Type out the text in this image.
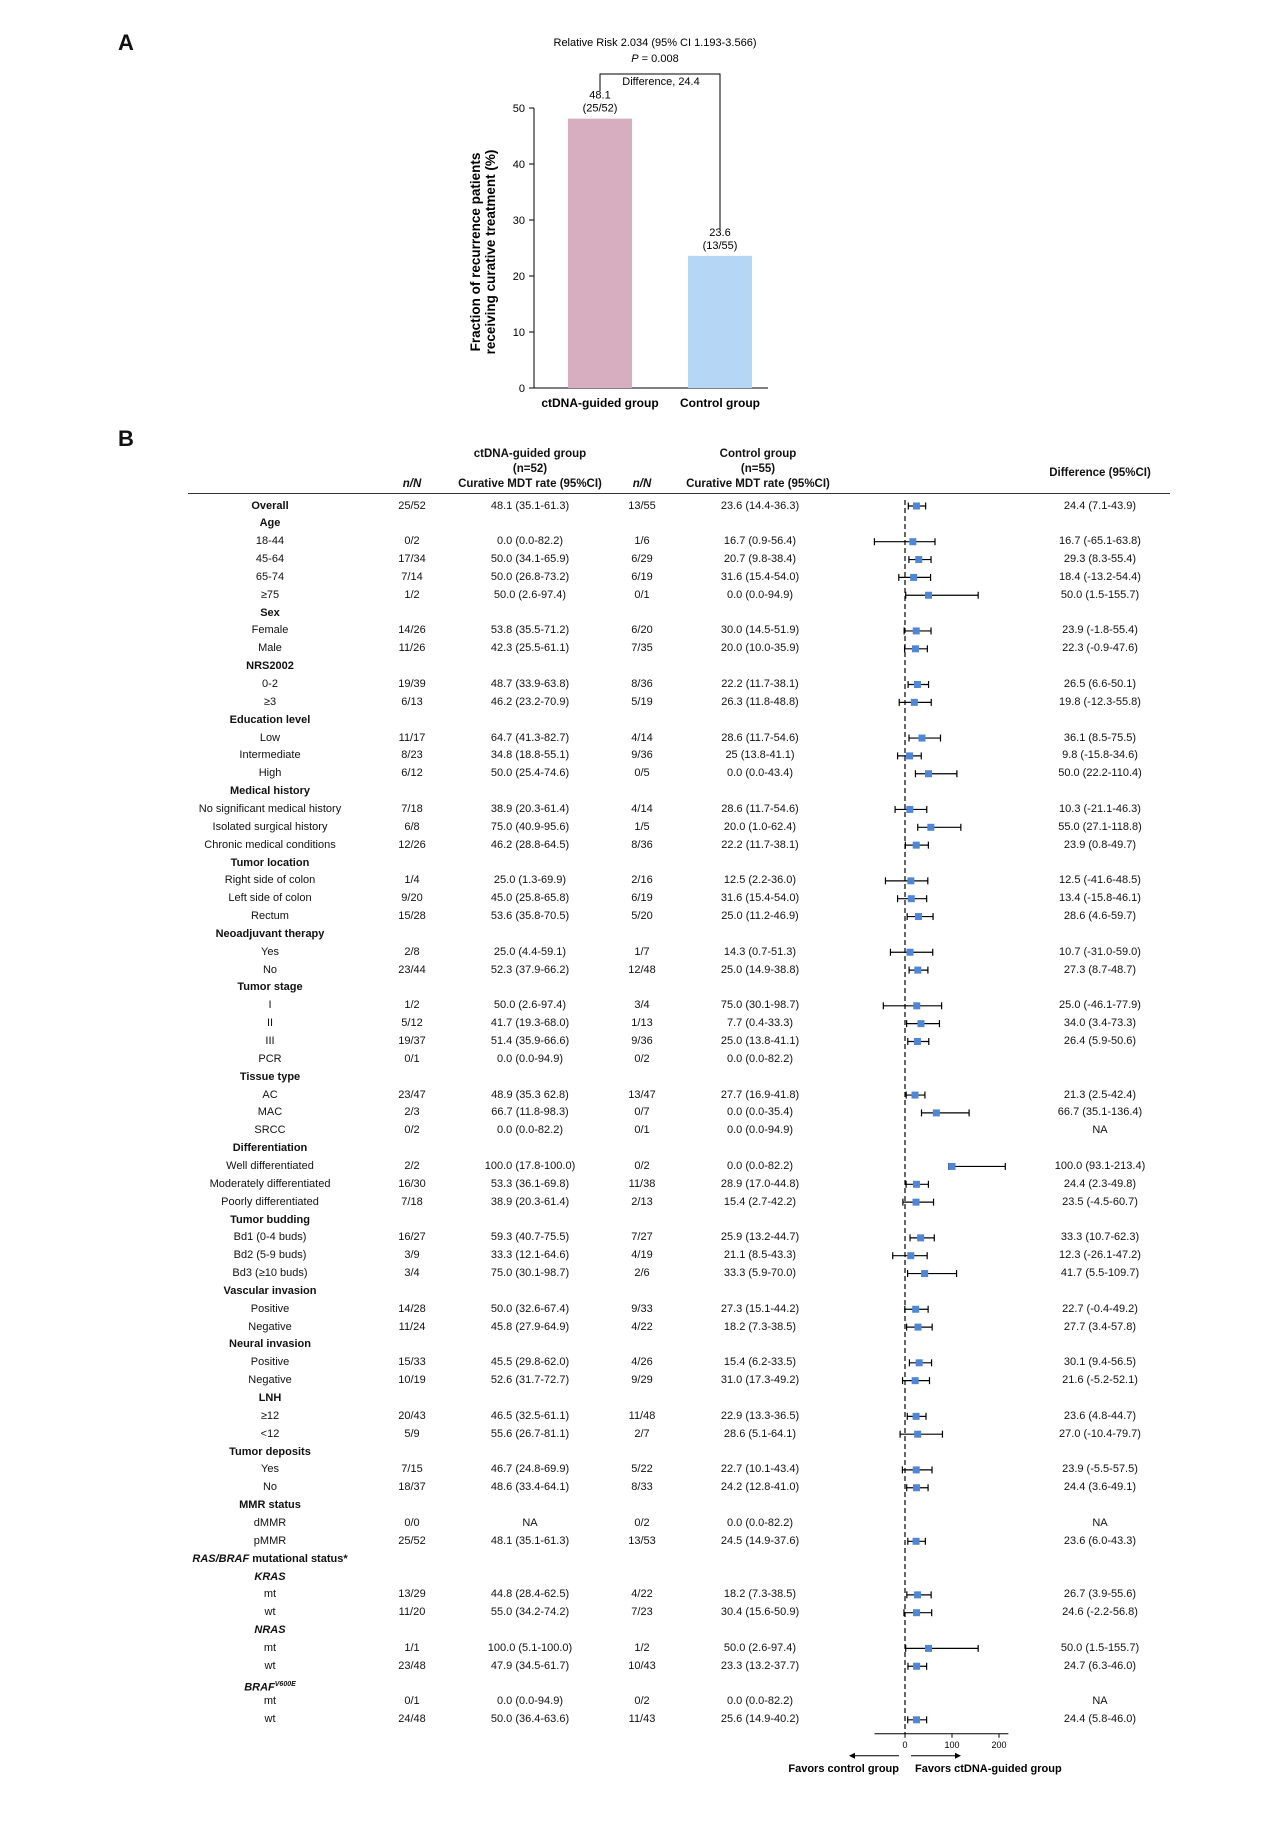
A
B
0
10
20
30
40
50
Fraction of recurrence patients receiving curative treatment (%)
48.1
(25/52)
ctDNA-guided group
23.6
(13/55)
Control group
Relative Risk 2.034 (95% CI 1.193-3.566)
P = 0.008
Difference, 24.4
ctDNA-guided group
(n=52)
Curative MDT rate (95%CI)
Control group
(n=55)
Curative MDT rate (95%CI)
n/N	n/N
Difference (95%CI)
Overall	25/52	48.1 (35.1-61.3)	13/55	23.6 (14.4-36.3)	24.4 (7.1-43.9)
Age
18-44	0/2	0.0 (0.0-82.2)	1/6	16.7 (0.9-56.4)	16.7 (-65.1-63.8)
45-64	17/34	50.0 (34.1-65.9)	6/29	20.7 (9.8-38.4)	29.3 (8.3-55.4)
65-74	7/14	50.0 (26.8-73.2)	6/19	31.6 (15.4-54.0)	18.4 (-13.2-54.4)
≥75	1/2	50.0 (2.6-97.4)	0/1	0.0 (0.0-94.9)	50.0 (1.5-155.7)
Sex
Female	14/26	53.8 (35.5-71.2)	6/20	30.0 (14.5-51.9)	23.9 (-1.8-55.4)
Male	11/26	42.3 (25.5-61.1)	7/35	20.0 (10.0-35.9)	22.3 (-0.9-47.6)
NRS2002
0-2	19/39	48.7 (33.9-63.8)	8/36	22.2 (11.7-38.1)	26.5 (6.6-50.1)
≥3	6/13	46.2 (23.2-70.9)	5/19	26.3 (11.8-48.8)	19.8 (-12.3-55.8)
Education level
Low	11/17	64.7 (41.3-82.7)	4/14	28.6 (11.7-54.6)	36.1 (8.5-75.5)
Intermediate	8/23	34.8 (18.8-55.1)	9/36	25 (13.8-41.1)	9.8 (-15.8-34.6)
High	6/12	50.0 (25.4-74.6)	0/5	0.0 (0.0-43.4)	50.0 (22.2-110.4)
Medical history
No significant medical history	7/18	38.9 (20.3-61.4)	4/14	28.6 (11.7-54.6)	10.3 (-21.1-46.3)
Isolated surgical history	6/8	75.0 (40.9-95.6)	1/5	20.0 (1.0-62.4)	55.0 (27.1-118.8)
Chronic medical conditions	12/26	46.2 (28.8-64.5)	8/36	22.2 (11.7-38.1)	23.9 (0.8-49.7)
Tumor location
Right side of colon	1/4	25.0 (1.3-69.9)	2/16	12.5 (2.2-36.0)	12.5 (-41.6-48.5)
Left side of colon	9/20	45.0 (25.8-65.8)	6/19	31.6 (15.4-54.0)	13.4 (-15.8-46.1)
Rectum	15/28	53.6 (35.8-70.5)	5/20	25.0 (11.2-46.9)	28.6 (4.6-59.7)
Neoadjuvant therapy
Yes	2/8	25.0 (4.4-59.1)	1/7	14.3 (0.7-51.3)	10.7 (-31.0-59.0)
No	23/44	52.3 (37.9-66.2)	12/48	25.0 (14.9-38.8)	27.3 (8.7-48.7)
Tumor stage
I	1/2	50.0 (2.6-97.4)	3/4	75.0 (30.1-98.7)	25.0 (-46.1-77.9)
II	5/12	41.7 (19.3-68.0)	1/13	7.7 (0.4-33.3)	34.0 (3.4-73.3)
III	19/37	51.4 (35.9-66.6)	9/36	25.0 (13.8-41.1)	26.4 (5.9-50.6)
PCR	0/1	0.0 (0.0-94.9)	0/2	0.0 (0.0-82.2)
Tissue type
AC	23/47	48.9 (35.3 62.8)	13/47	27.7 (16.9-41.8)	21.3 (2.5-42.4)
MAC	2/3	66.7 (11.8-98.3)	0/7	0.0 (0.0-35.4)	66.7 (35.1-136.4)
SRCC	0/2	0.0 (0.0-82.2)	0/1	0.0 (0.0-94.9)	NA
Differentiation
Well differentiated	2/2	100.0 (17.8-100.0)	0/2	0.0 (0.0-82.2)	100.0 (93.1-213.4)
Moderately differentiated	16/30	53.3 (36.1-69.8)	11/38	28.9 (17.0-44.8)	24.4 (2.3-49.8)
Poorly differentiated	7/18	38.9 (20.3-61.4)	2/13	15.4 (2.7-42.2)	23.5 (-4.5-60.7)
Tumor budding
Bd1 (0-4 buds)	16/27	59.3 (40.7-75.5)	7/27	25.9 (13.2-44.7)	33.3 (10.7-62.3)
Bd2 (5-9 buds)	3/9	33.3 (12.1-64.6)	4/19	21.1 (8.5-43.3)	12.3 (-26.1-47.2)
Bd3 (≥10 buds)	3/4	75.0 (30.1-98.7)	2/6	33.3 (5.9-70.0)	41.7 (5.5-109.7)
Vascular invasion
Positive	14/28	50.0 (32.6-67.4)	9/33	27.3 (15.1-44.2)	22.7 (-0.4-49.2)
Negative	11/24	45.8 (27.9-64.9)	4/22	18.2 (7.3-38.5)	27.7 (3.4-57.8)
Neural invasion
Positive	15/33	45.5 (29.8-62.0)	4/26	15.4 (6.2-33.5)	30.1 (9.4-56.5)
Negative	10/19	52.6 (31.7-72.7)	9/29	31.0 (17.3-49.2)	21.6 (-5.2-52.1)
LNH
≥12	20/43	46.5 (32.5-61.1)	11/48	22.9 (13.3-36.5)	23.6 (4.8-44.7)
<12	5/9	55.6 (26.7-81.1)	2/7	28.6 (5.1-64.1)	27.0 (-10.4-79.7)
Tumor deposits
Yes	7/15	46.7 (24.8-69.9)	5/22	22.7 (10.1-43.4)	23.9 (-5.5-57.5)
No	18/37	48.6 (33.4-64.1)	8/33	24.2 (12.8-41.0)	24.4 (3.6-49.1)
MMR status
dMMR	0/0	NA	0/2	0.0 (0.0-82.2)	NA
pMMR	25/52	48.1 (35.1-61.3)	13/53	24.5 (14.9-37.6)	23.6 (6.0-43.3)
RAS/BRAF mutational status*
KRAS
mt	13/29	44.8 (28.4-62.5)	4/22	18.2 (7.3-38.5)	26.7 (3.9-55.6)
wt	11/20	55.0 (34.2-74.2)	7/23	30.4 (15.6-50.9)	24.6 (-2.2-56.8)
NRAS
mt	1/1	100.0 (5.1-100.0)	1/2	50.0 (2.6-97.4)	50.0 (1.5-155.7)
wt	23/48	47.9 (34.5-61.7)	10/43	23.3 (13.2-37.7)	24.7 (6.3-46.0)
$BRAF^{V600E}$
mt	0/1	0.0 (0.0-94.9)	0/2	0.0 (0.0-82.2)	NA
wt	24/48	50.0 (36.4-63.6)	11/43	25.6 (14.9-40.2)	24.4 (5.8-46.0)
0	100	200
Favors control group Favors ctDNA-guided group
